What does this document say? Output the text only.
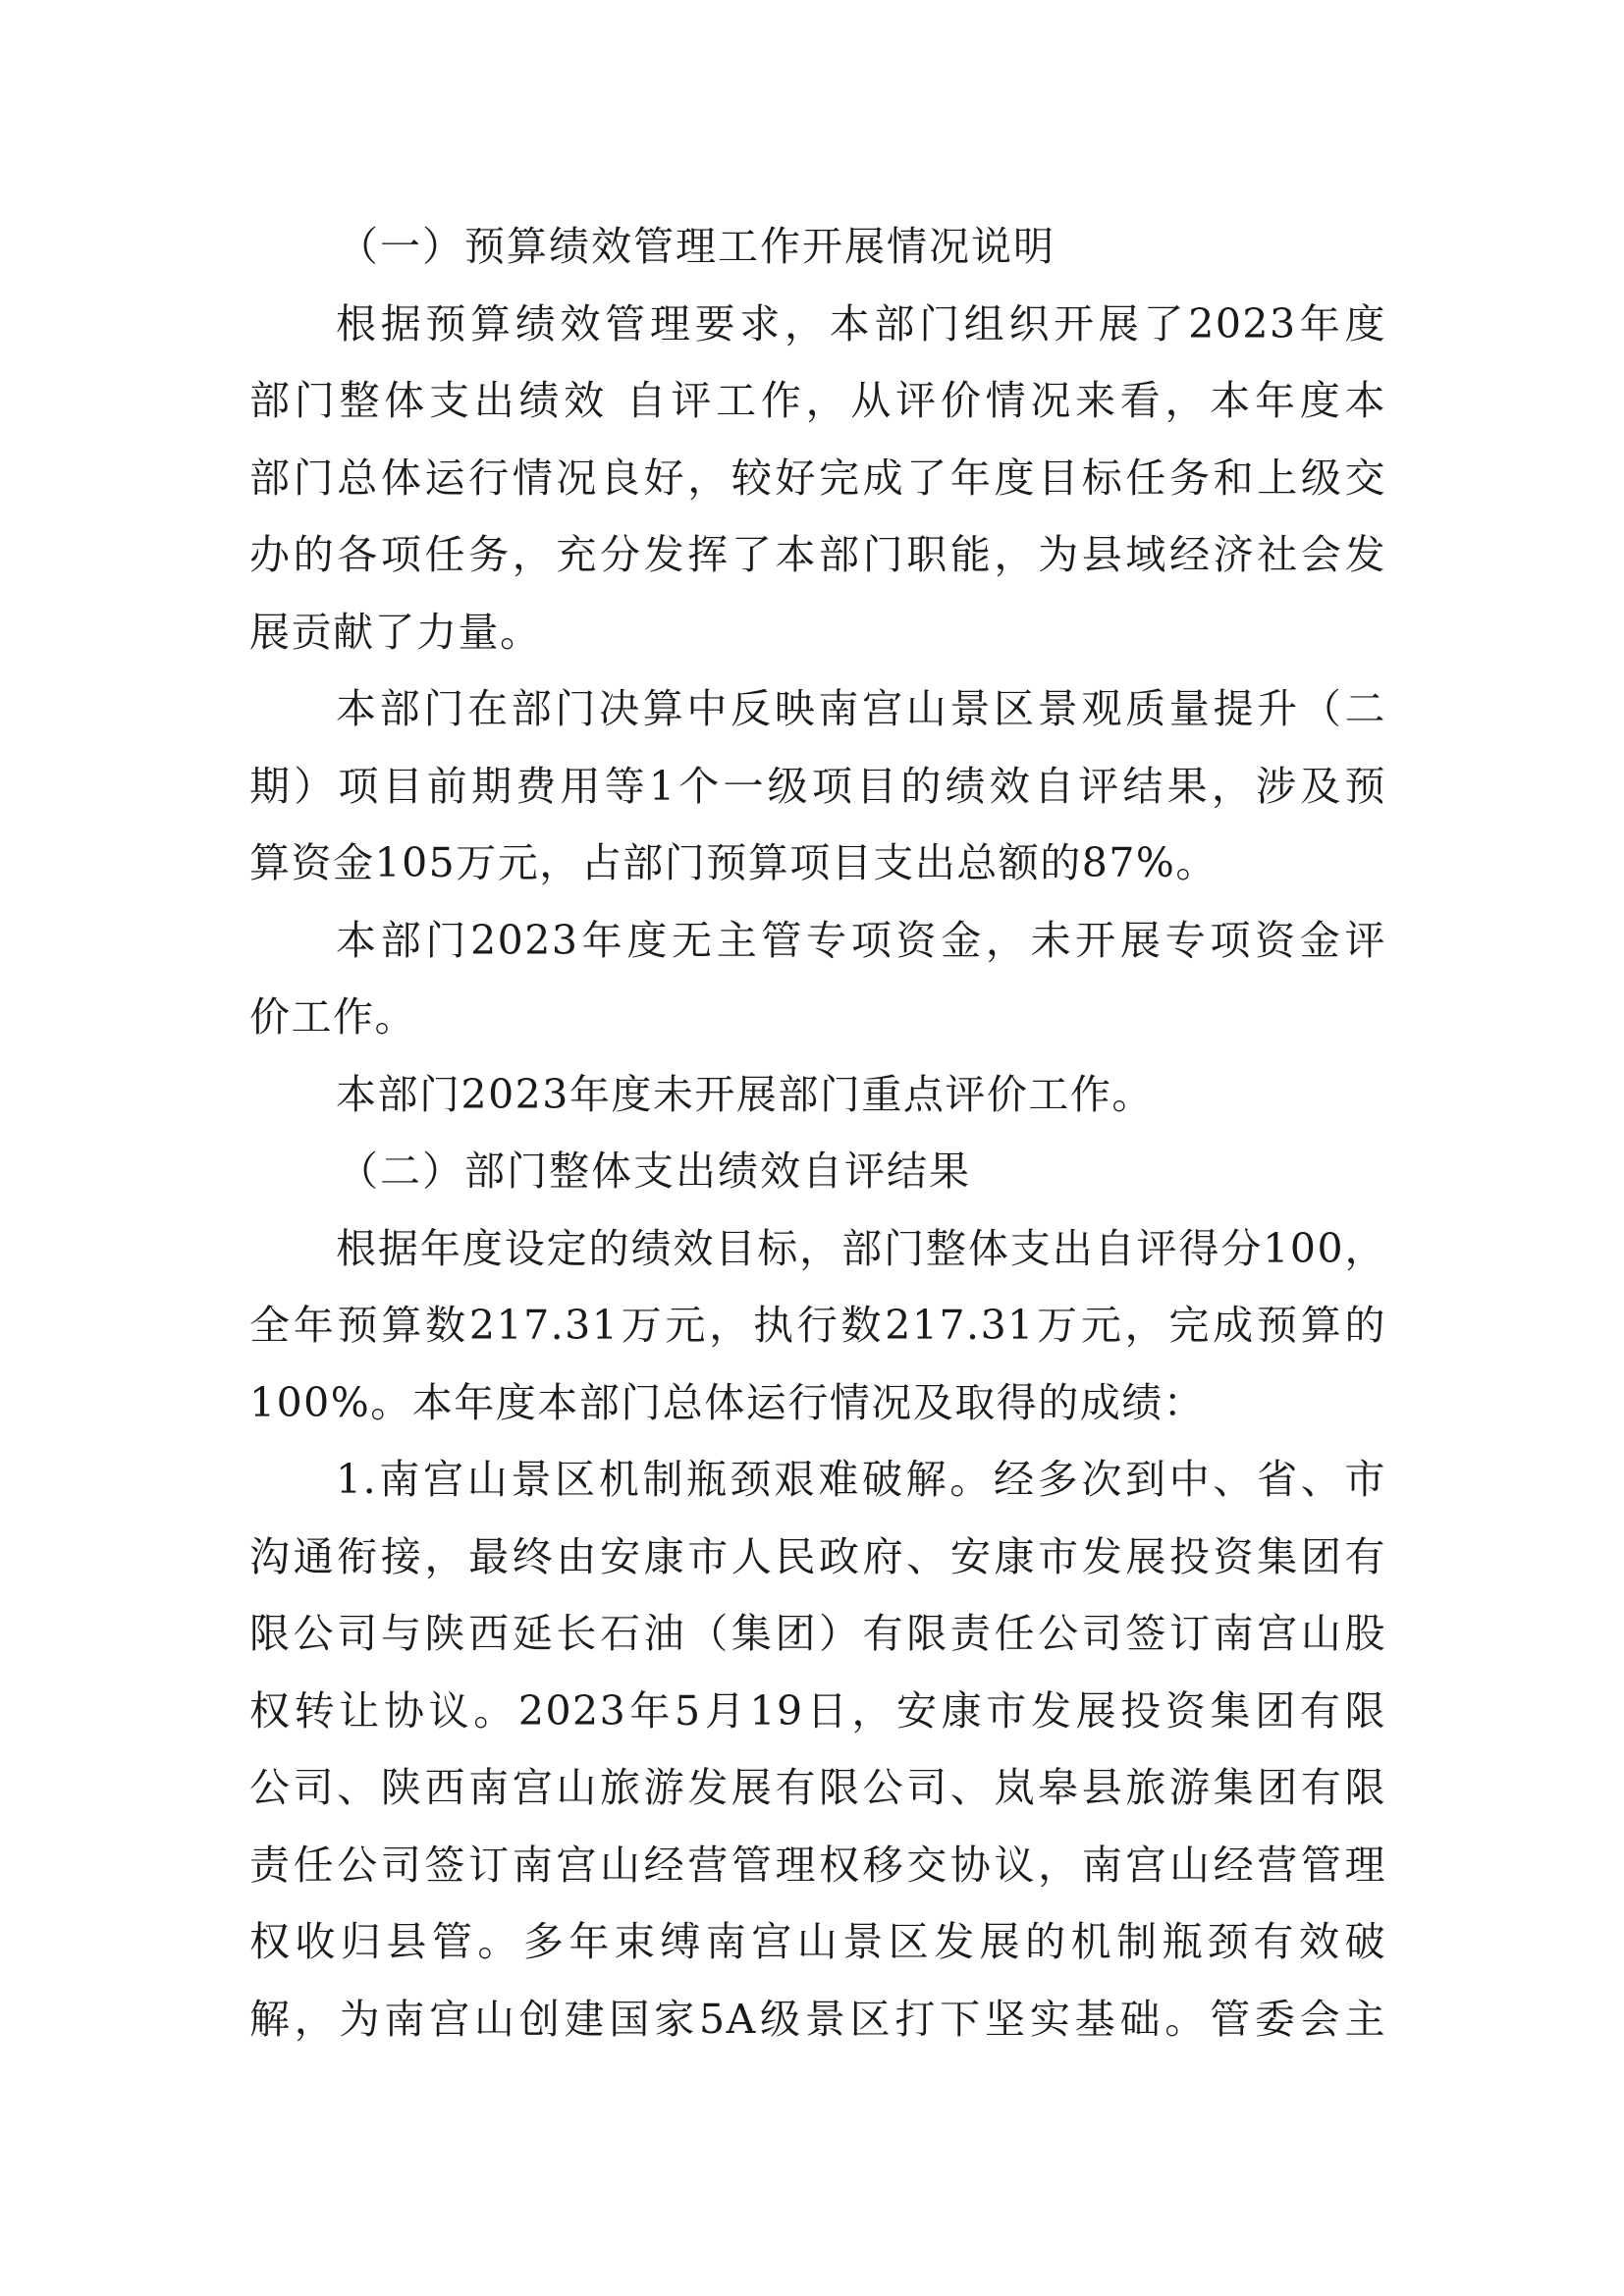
（一）预算绩效管理工作开展情况说明

根据预算绩效管理要求，本部门组织开展了2023年度

部门整体支出绩效 自评工作，从评价情况来看，本年度本

部门总体运行情况良好，较好完成了年度目标任务和上级交

办的各项任务，充分发挥了本部门职能，为县域经济社会发

展贡献了力量。

本部门在部门决算中反映南宫山景区景观质量提升（二

期）项目前期费用等1个一级项目的绩效自评结果，涉及预

算资金105万元，占部门预算项目支出总额的87%。

本部门2023年度无主管专项资金，未开展专项资金评

价工作。

本部门2023年度未开展部门重点评价工作。

（二）部门整体支出绩效自评结果

根据年度设定的绩效目标，部门整体支出自评得分100，

全年预算数217.31万元，执行数217.31万元，完成预算的

100%。本年度本部门总体运行情况及取得的成绩：

1.南宫山景区机制瓶颈艰难破解。经多次到中、省、市

沟通衔接，最终由安康市人民政府、安康市发展投资集团有

限公司与陕西延长石油（集团）有限责任公司签订南宫山股

权转让协议。2023年5月19日，安康市发展投资集团有限

公司、陕西南宫山旅游发展有限公司、岚皋县旅游集团有限

责任公司签订南宫山经营管理权移交协议，南宫山经营管理

权收归县管。多年束缚南宫山景区发展的机制瓶颈有效破

解，为南宫山创建国家5A级景区打下坚实基础。管委会主
